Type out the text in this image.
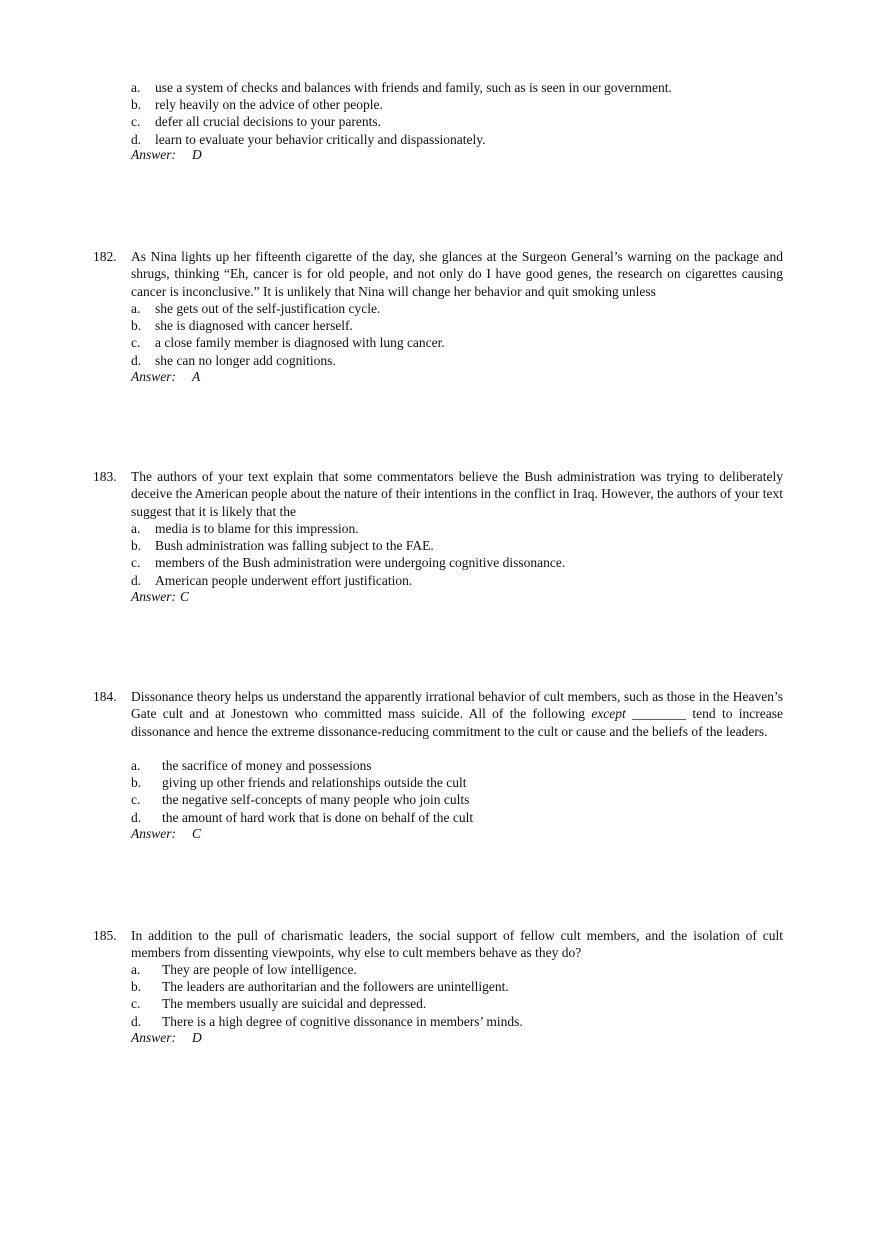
a. use a system of checks and balances with friends and family, such as is seen in our government.
b. rely heavily on the advice of other people.
c. defer all crucial decisions to your parents.
d. learn to evaluate your behavior critically and dispassionately.
Answer: D
182. As Nina lights up her fifteenth cigarette of the day, she glances at the Surgeon General’s warning on the package and shrugs, thinking “Eh, cancer is for old people, and not only do I have good genes, the research on cigarettes causing cancer is inconclusive.” It is unlikely that Nina will change her behavior and quit smoking unless
a. she gets out of the self-justification cycle.
b. she is diagnosed with cancer herself.
c. a close family member is diagnosed with lung cancer.
d. she can no longer add cognitions.
Answer: A
183. The authors of your text explain that some commentators believe the Bush administration was trying to deliberately deceive the American people about the nature of their intentions in the conflict in Iraq. However, the authors of your text suggest that it is likely that the
a. media is to blame for this impression.
b. Bush administration was falling subject to the FAE.
c. members of the Bush administration were undergoing cognitive dissonance.
d. American people underwent effort justification.
Answer: C
184. Dissonance theory helps us understand the apparently irrational behavior of cult members, such as those in the Heaven’s Gate cult and at Jonestown who committed mass suicide. All of the following except ________ tend to increase dissonance and hence the extreme dissonance-reducing commitment to the cult or cause and the beliefs of the leaders.
a. the sacrifice of money and possessions
b. giving up other friends and relationships outside the cult
c. the negative self-concepts of many people who join cults
d. the amount of hard work that is done on behalf of the cult
Answer: C
185. In addition to the pull of charismatic leaders, the social support of fellow cult members, and the isolation of cult members from dissenting viewpoints, why else to cult members behave as they do?
a. They are people of low intelligence.
b. The leaders are authoritarian and the followers are unintelligent.
c. The members usually are suicidal and depressed.
d. There is a high degree of cognitive dissonance in members’ minds.
Answer: D
